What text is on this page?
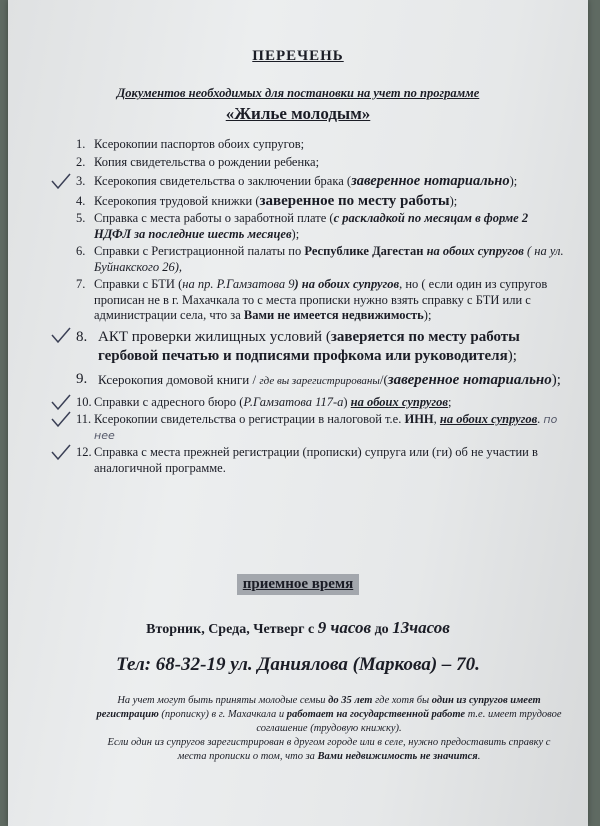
ПЕРЕЧЕНЬ
Документов необходимых для постановки на учет по программе
«Жилье молодым»
1. Ксерокопии паспортов обоих супругов;
2. Копия свидетельства о рождении ребенка;
3. Ксерокопия свидетельства о заключении брака (заверенное нотариально);
4. Ксерокопия трудовой книжки (заверенное по месту работы);
5. Справка с места работы о заработной плате (с раскладкой по месяцам в форме 2 НДФЛ за последние шесть месяцев);
6. Справки с Регистрационной палаты по Республике Дагестан на обоих супругов ( на ул. Буйнакского 26),
7. Справки с БТИ (на пр. Р.Гамзатова 9) на обоих супругов, но ( если один из супругов прописан не в г. Махачкала то с места прописки нужно взять справку с БТИ или с администрации села, что за Вами не имеется недвижимость);
8. АКТ проверки жилищных условий (заверяется по месту работы гербовой печатью и подписями профкома или руководителя);
9. Ксерокопия домовой книги / где вы зарегистрированы/(заверенное нотариально);
10. Справки с адресного бюро (Р.Гамзатова 117-а) на обоих супругов;
11. Ксерокопии свидетельства о регистрации в налоговой т.е. ИНН, на обоих супругов. по нее
12. Справка с места прежней регистрации (прописки) супруга или (ги) об не участии в аналогичной программе.
приемное время
Вторник, Среда, Четверг с 9 часов до 13часов
Тел: 68-32-19 ул. Даниялова (Маркова) – 70.
На учет могут быть приняты молодые семьи до 35 лет где хотя бы один из супругов имеет регистрацию (прописку) в г. Махачкала и работает на государственной работе т.е. имеет трудовое соглашение (трудовую книжку).
Если один из супругов зарегистрирован в другом городе или в селе, нужно предоставить справку с места прописки о том, что за Вами недвижимость не значится.
